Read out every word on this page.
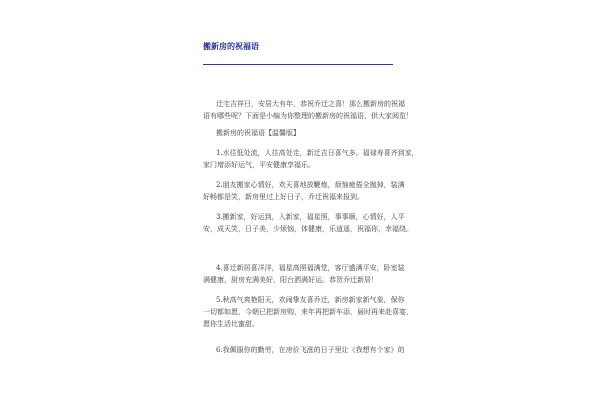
搬新房的祝福语
迁宅吉祥日，安居大有年，恭祝乔迁之喜！那么搬新房的祝福
语有哪些呢？下面是小编为你整理的搬新房的祝福语，供大家阅览！
搬新房的祝福语【温馨版】
1.水往低处流，人往高处走，新迁吉日喜气多，福禄寿喜齐到家，
家门增添好运气，平安健康享福乐。
2.朋友搬家心情好，欢天喜地放鞭炮，烦恼疲倦全抛掉，装满
好畅都是笑，新房里过上好日子，乔迁祝福来报到。
3.搬新家，好运到，入新家，福星照，事事顺，心情好，人平
安，成天笑，日子美，少烦恼，体健康，乐逍遥，祝福你，幸福绕。
4.喜迁新居喜洋洋，福星高照福满堂，客厅盛满平安，卧室装
满健康，厨房充满美好，阳台洒满好运。恭贺乔迁新居！
5.秋高气爽艳阳天，欢闹挚友喜乔迁，新房新家新气象，保你
一切都如愿，今朝已把新房购，来年再把新车添，届时再来赴喜宴，
愿你生活比蜜甜。
6.我佩服你的勤劳，在房价飞涨的日子里让《我想有个家》的
